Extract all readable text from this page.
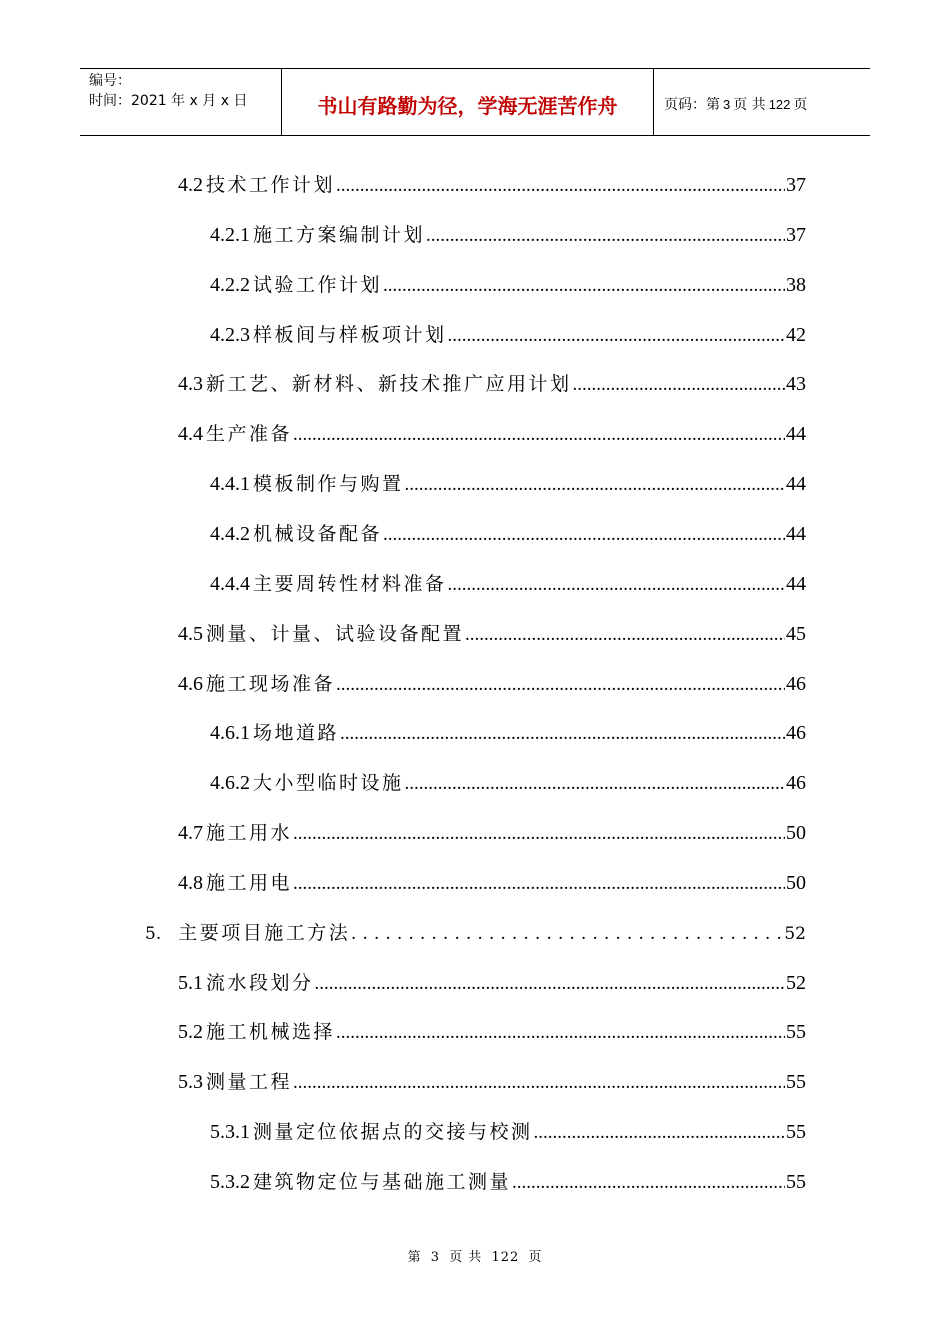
编号：
时间：2021 年 x 月 x 日	书山有路勤为径，学海无涯苦作舟	页码：第 3 页 共 122 页
4.2 技术工作计划 .....	37
4.2.1 施工方案编制计划 .....	37
4.2.2 试验工作计划 .....	38
4.2.3 样板间与样板项计划 .....	42
4.3 新工艺、新材料、新技术推广应用计划 .....	43
4.4 生产准备 .....	44
4.4.1 模板制作与购置 .....	44
4.4.2 机械设备配备 .....	44
4.4.4 主要周转性材料准备 .....	44
4.5 测量、计量、试验设备配置 .....	45
4.6 施工现场准备 .....	46
4.6.1 场地道路 .....	46
4.6.2 大小型临时设施 .....	46
4.7 施工用水 .....	50
4.8 施工用电 .....	50
5. 主要项目施工方法 . . .	52
5.1 流水段划分 .....	52
5.2 施工机械选择 .....	55
5.3 测量工程 .....	55
5.3.1 测量定位依据点的交接与校测 .....	55
5.3.2 建筑物定位与基础施工测量 .....	55
第 3 页 共 122 页
